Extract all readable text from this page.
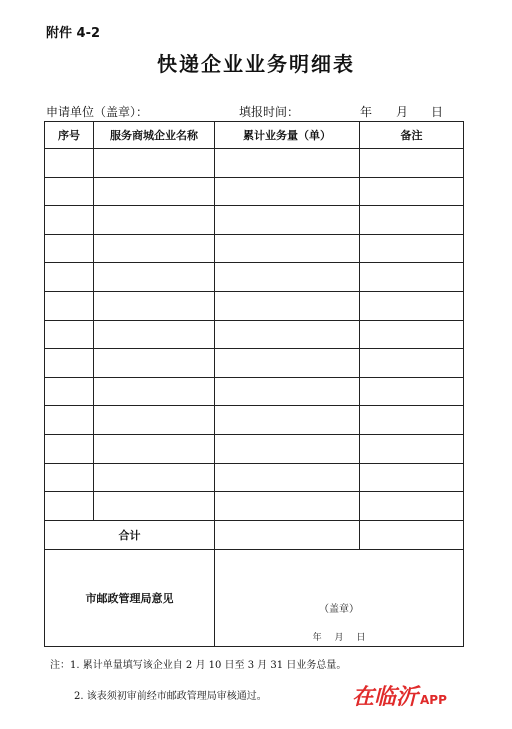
附件 4-2
快递企业业务明细表
申请单位（盖章）：	填报时间：	年 月 日
序号	服务商城企业名称	累计业务量（单）	备注

合计			
市邮政管理局意见		（盖章）
年 月 日	
注：1. 累计单量填写该企业自 2 月 10 日至 3 月 31 日业务总量。
2. 该表须初审前经市邮政管理局审核通过。	在临沂 APP
